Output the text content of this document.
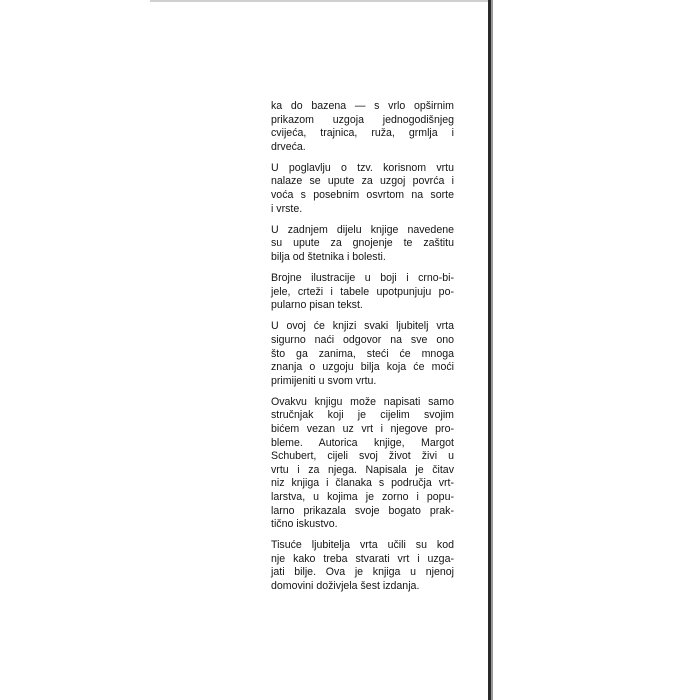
ka do bazena — s vrlo opširnim
prikazom uzgoja jednogodišnjeg
cvijeća, trajnica, ruža, grmlja i
drveća.

U poglavlju o tzv. korisnom vrtu
nalaze se upute za uzgoj povrća i
voća s posebnim osvrtom na sorte
i vrste.

U zadnjem dijelu knjige navedene
su upute za gnojenje te zaštitu
bilja od štetnika i bolesti.

Brojne ilustracije u boji i crno-bi-
jele, crteži i tabele upotpunjuju po-
pularno pisan tekst.

U ovoj će knjizi svaki ljubitelj vrta
sigurno naći odgovor na sve ono
što ga zanima, steći će mnoga
znanja o uzgoju bilja koja će moći
primijeniti u svom vrtu.

Ovakvu knjigu može napisati samo
stručnjak koji je cijelim svojim
bićem vezan uz vrt i njegove pro-
bleme. Autorica knjige, Margot
Schubert, cijeli svoj život živi u
vrtu i za njega. Napisala je čitav
niz knjiga i članaka s područja vrt-
larstva, u kojima je zorno i popu-
larno prikazala svoje bogato prak-
tično iskustvo.

Tisuće ljubitelja vrta učili su kod
nje kako treba stvarati vrt i uzga-
jati bilje. Ova je knjiga u njenoj
domovini doživjela šest izdanja.
